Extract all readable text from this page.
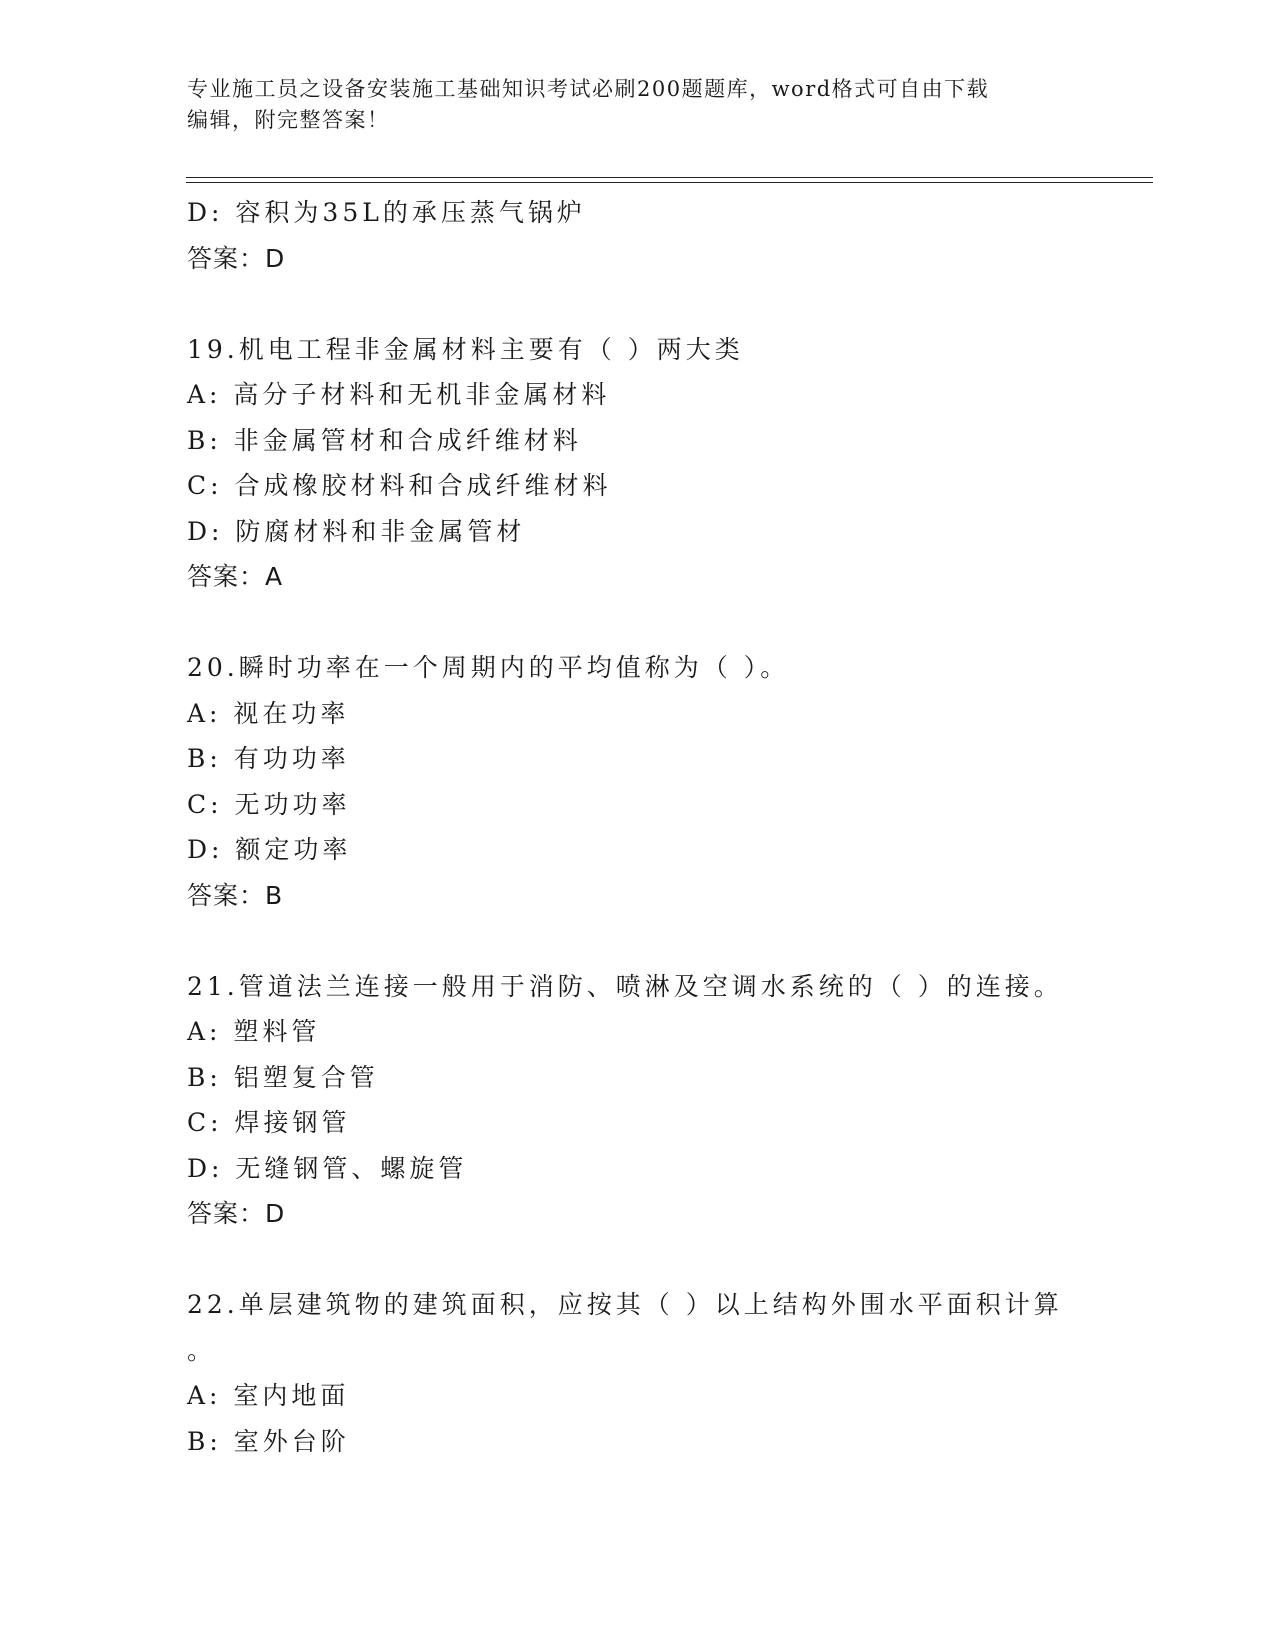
专业施工员之设备安装施工基础知识考试必刷200题题库，word格式可自由下载
编辑，附完整答案！
D: 容积为35L的承压蒸气锅炉
答案：D
19.机电工程非金属材料主要有（ ）两大类
A: 高分子材料和无机非金属材料
B: 非金属管材和合成纤维材料
C: 合成橡胶材料和合成纤维材料
D: 防腐材料和非金属管材
答案：A
20.瞬时功率在一个周期内的平均值称为（ ）。
A: 视在功率
B: 有功功率
C: 无功功率
D: 额定功率
答案：B
21.管道法兰连接一般用于消防、喷淋及空调水系统的（ ）的连接。
A: 塑料管
B: 铝塑复合管
C: 焊接钢管
D: 无缝钢管、螺旋管
答案：D
22.单层建筑物的建筑面积，应按其（ ）以上结构外围水平面积计算
。
A: 室内地面
B: 室外台阶
